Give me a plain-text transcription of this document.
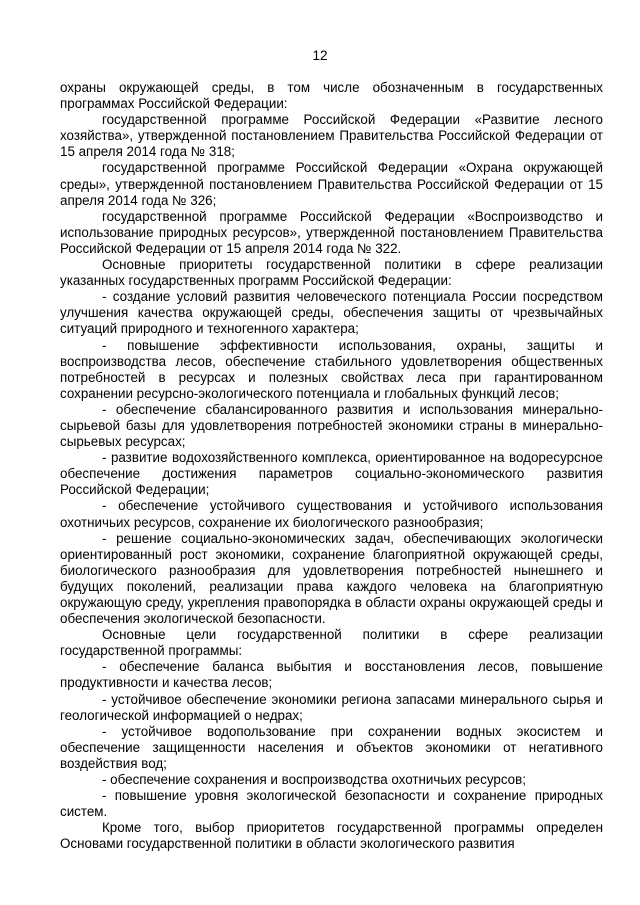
12

охраны окружающей среды, в том числе обозначенным в государственных программах Российской Федерации:

государственной программе Российской Федерации «Развитие лесного хозяйства», утвержденной постановлением Правительства Российской Федерации от 15 апреля 2014 года № 318;

государственной программе Российской Федерации «Охрана окружающей среды», утвержденной постановлением Правительства Российской Федерации от 15 апреля 2014 года № 326;

государственной программе Российской Федерации «Воспроизводство и использование природных ресурсов», утвержденной постановлением Правительства Российской Федерации от 15 апреля 2014 года № 322.

Основные приоритеты государственной политики в сфере реализации указанных государственных программ Российской Федерации:

- создание условий развития человеческого потенциала России посредством улучшения качества окружающей среды, обеспечения защиты от чрезвычайных ситуаций природного и техногенного характера;

- повышение эффективности использования, охраны, защиты и воспроизводства лесов, обеспечение стабильного удовлетворения общественных потребностей в ресурсах и полезных свойствах леса при гарантированном сохранении ресурсно-экологического потенциала и глобальных функций лесов;

- обеспечение сбалансированного развития и использования минерально-сырьевой базы для удовлетворения потребностей экономики страны в минерально-сырьевых ресурсах;

- развитие водохозяйственного комплекса, ориентированное на водоресурсное обеспечение достижения параметров социально-экономического развития Российской Федерации;

- обеспечение устойчивого существования и устойчивого использования охотничьих ресурсов, сохранение их биологического разнообразия;

- решение социально-экономических задач, обеспечивающих экологически ориентированный рост экономики, сохранение благоприятной окружающей среды, биологического разнообразия для удовлетворения потребностей нынешнего и будущих поколений, реализации права каждого человека на благоприятную окружающую среду, укрепления правопорядка в области охраны окружающей среды и обеспечения экологической безопасности.

Основные цели государственной политики в сфере реализации государственной программы:

- обеспечение баланса выбытия и восстановления лесов, повышение продуктивности и качества лесов;

- устойчивое обеспечение экономики региона запасами минерального сырья и геологической информацией о недрах;

- устойчивое водопользование при сохранении водных экосистем и обеспечение защищенности населения и объектов экономики от негативного воздействия вод;

- обеспечение сохранения и воспроизводства охотничьих ресурсов;

- повышение уровня экологической безопасности и сохранение природных систем.

Кроме того, выбор приоритетов государственной программы определен Основами государственной политики в области экологического развития
